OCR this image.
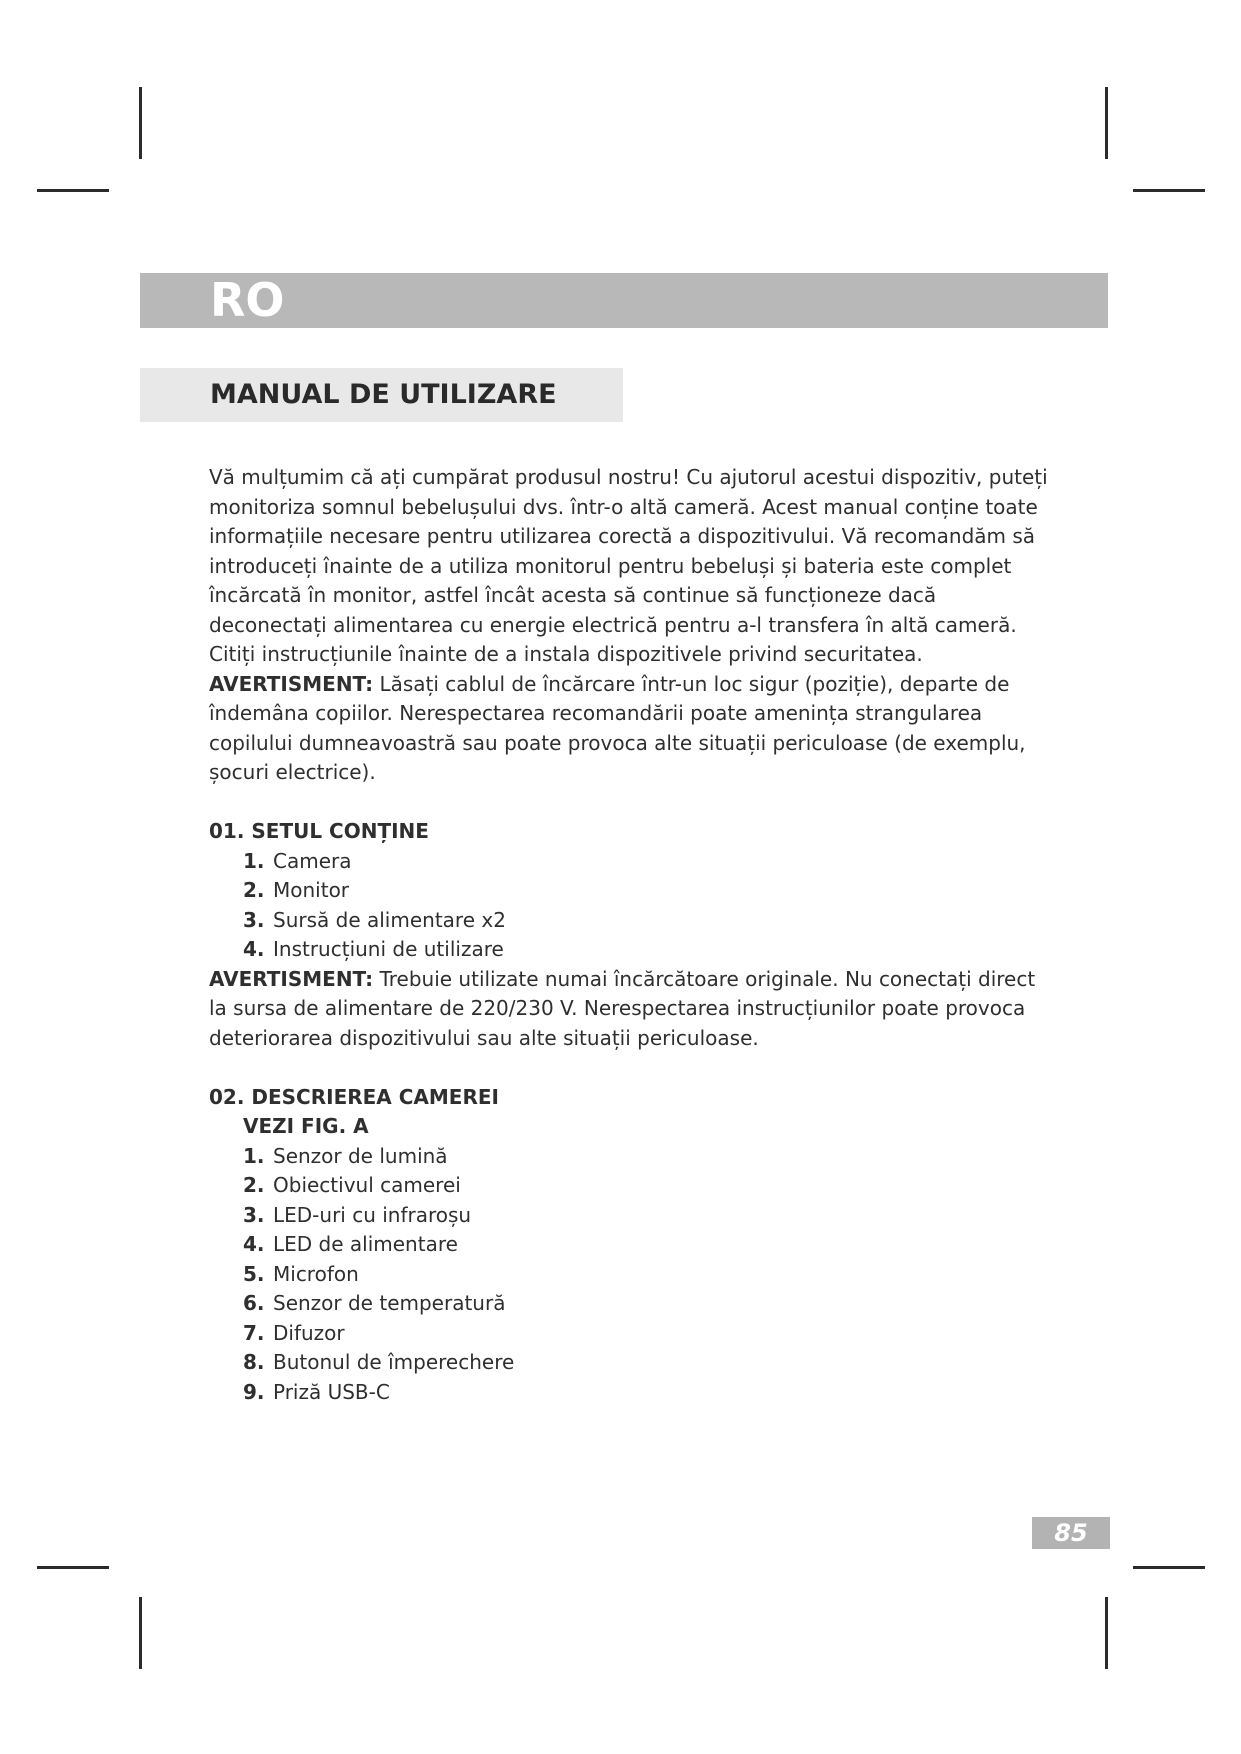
RO
MANUAL DE UTILIZARE

Vă mulțumim că ați cumpărat produsul nostru! Cu ajutorul acestui dispozitiv, puteți monitoriza somnul bebelușului dvs. într-o altă cameră. Acest manual conține toate informațiile necesare pentru utilizarea corectă a dispozitivului. Vă recomandăm să introduceți înainte de a utiliza monitorul pentru bebeluși și bateria este complet încărcată în monitor, astfel încât acesta să continue să funcționeze dacă deconectați alimentarea cu energie electrică pentru a-l transfera în altă cameră. Citiți instrucțiunile înainte de a instala dispozitivele privind securitatea.

AVERTISMENT: Lăsați cablul de încărcare într-un loc sigur (poziție), departe de îndemâna copiilor. Nerespectarea recomandării poate amenința strangularea copilului dumneavoastră sau poate provoca alte situații periculoase (de exemplu, șocuri electrice).

01. SETUL CONȚINE

1. Camera
2. Monitor
3. Sursă de alimentare x2
4. Instrucțiuni de utilizare

AVERTISMENT: Trebuie utilizate numai încărcătoare originale. Nu conectați direct la sursa de alimentare de 220/230 V. Nerespectarea instrucțiunilor poate provoca deteriorarea dispozitivului sau alte situații periculoase.

02. DESCRIEREA CAMEREI

VEZI FIG. A
1. Senzor de lumină
2. Obiectivul camerei
3. LED-uri cu infraroșu
4. LED de alimentare
5. Microfon
6. Senzor de temperatură
7. Difuzor
8. Butonul de împerechere
9. Priză USB-C
85
